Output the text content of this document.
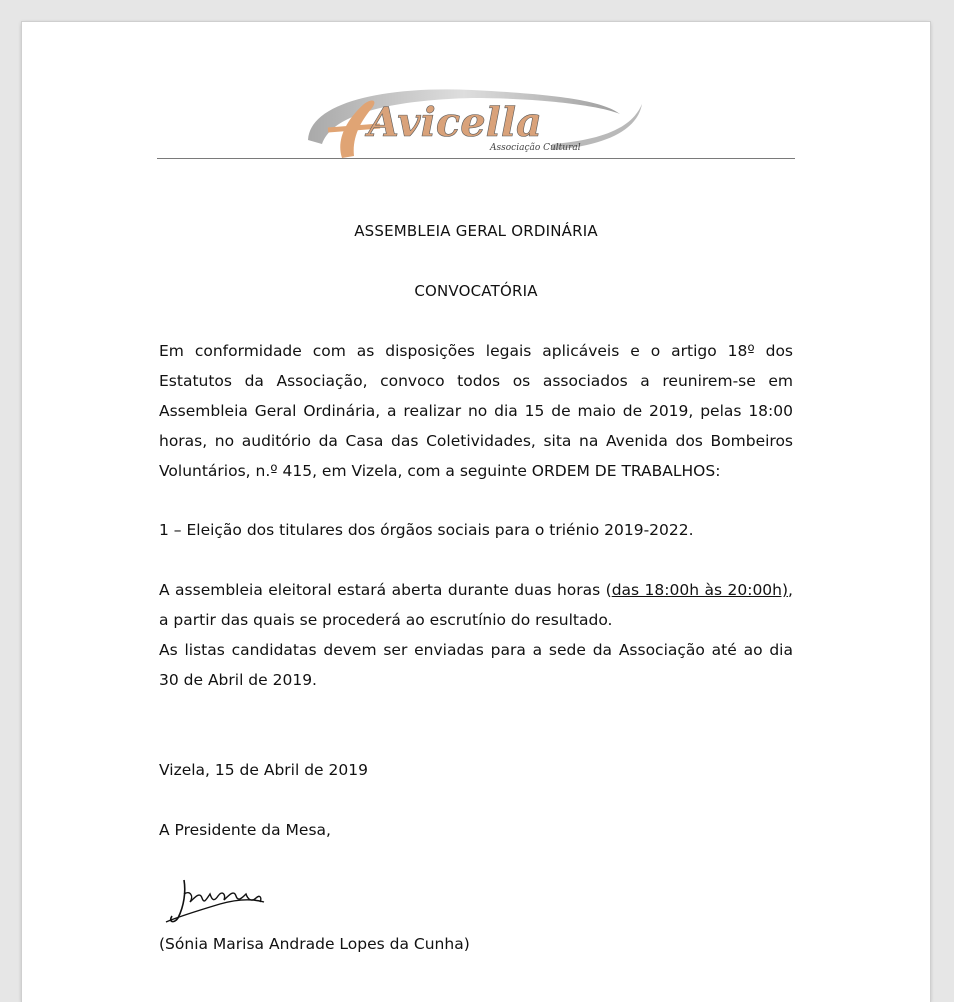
Avicella
Associação Cultural
ASSEMBLEIA GERAL ORDINÁRIA
CONVOCATÓRIA
Em conformidade com as disposições legais aplicáveis e o artigo 18º dos Estatutos da Associação, convoco todos os associados a reunirem-se em Assembleia Geral Ordinária, a realizar no dia 15 de maio de 2019, pelas 18:00 horas, no auditório da Casa das Coletividades, sita na Avenida dos Bombeiros Voluntários, n.º 415, em Vizela, com a seguinte ORDEM DE TRABALHOS:
1 – Eleição dos titulares dos órgãos sociais para o triénio 2019-2022.
A assembleia eleitoral estará aberta durante duas horas (das 18:00h às 20:00h), a partir das quais se procederá ao escrutínio do resultado.
As listas candidatas devem ser enviadas para a sede da Associação até ao dia 30 de Abril de 2019.
Vizela, 15 de Abril de 2019
A Presidente da Mesa,
(Sónia Marisa Andrade Lopes da Cunha)
